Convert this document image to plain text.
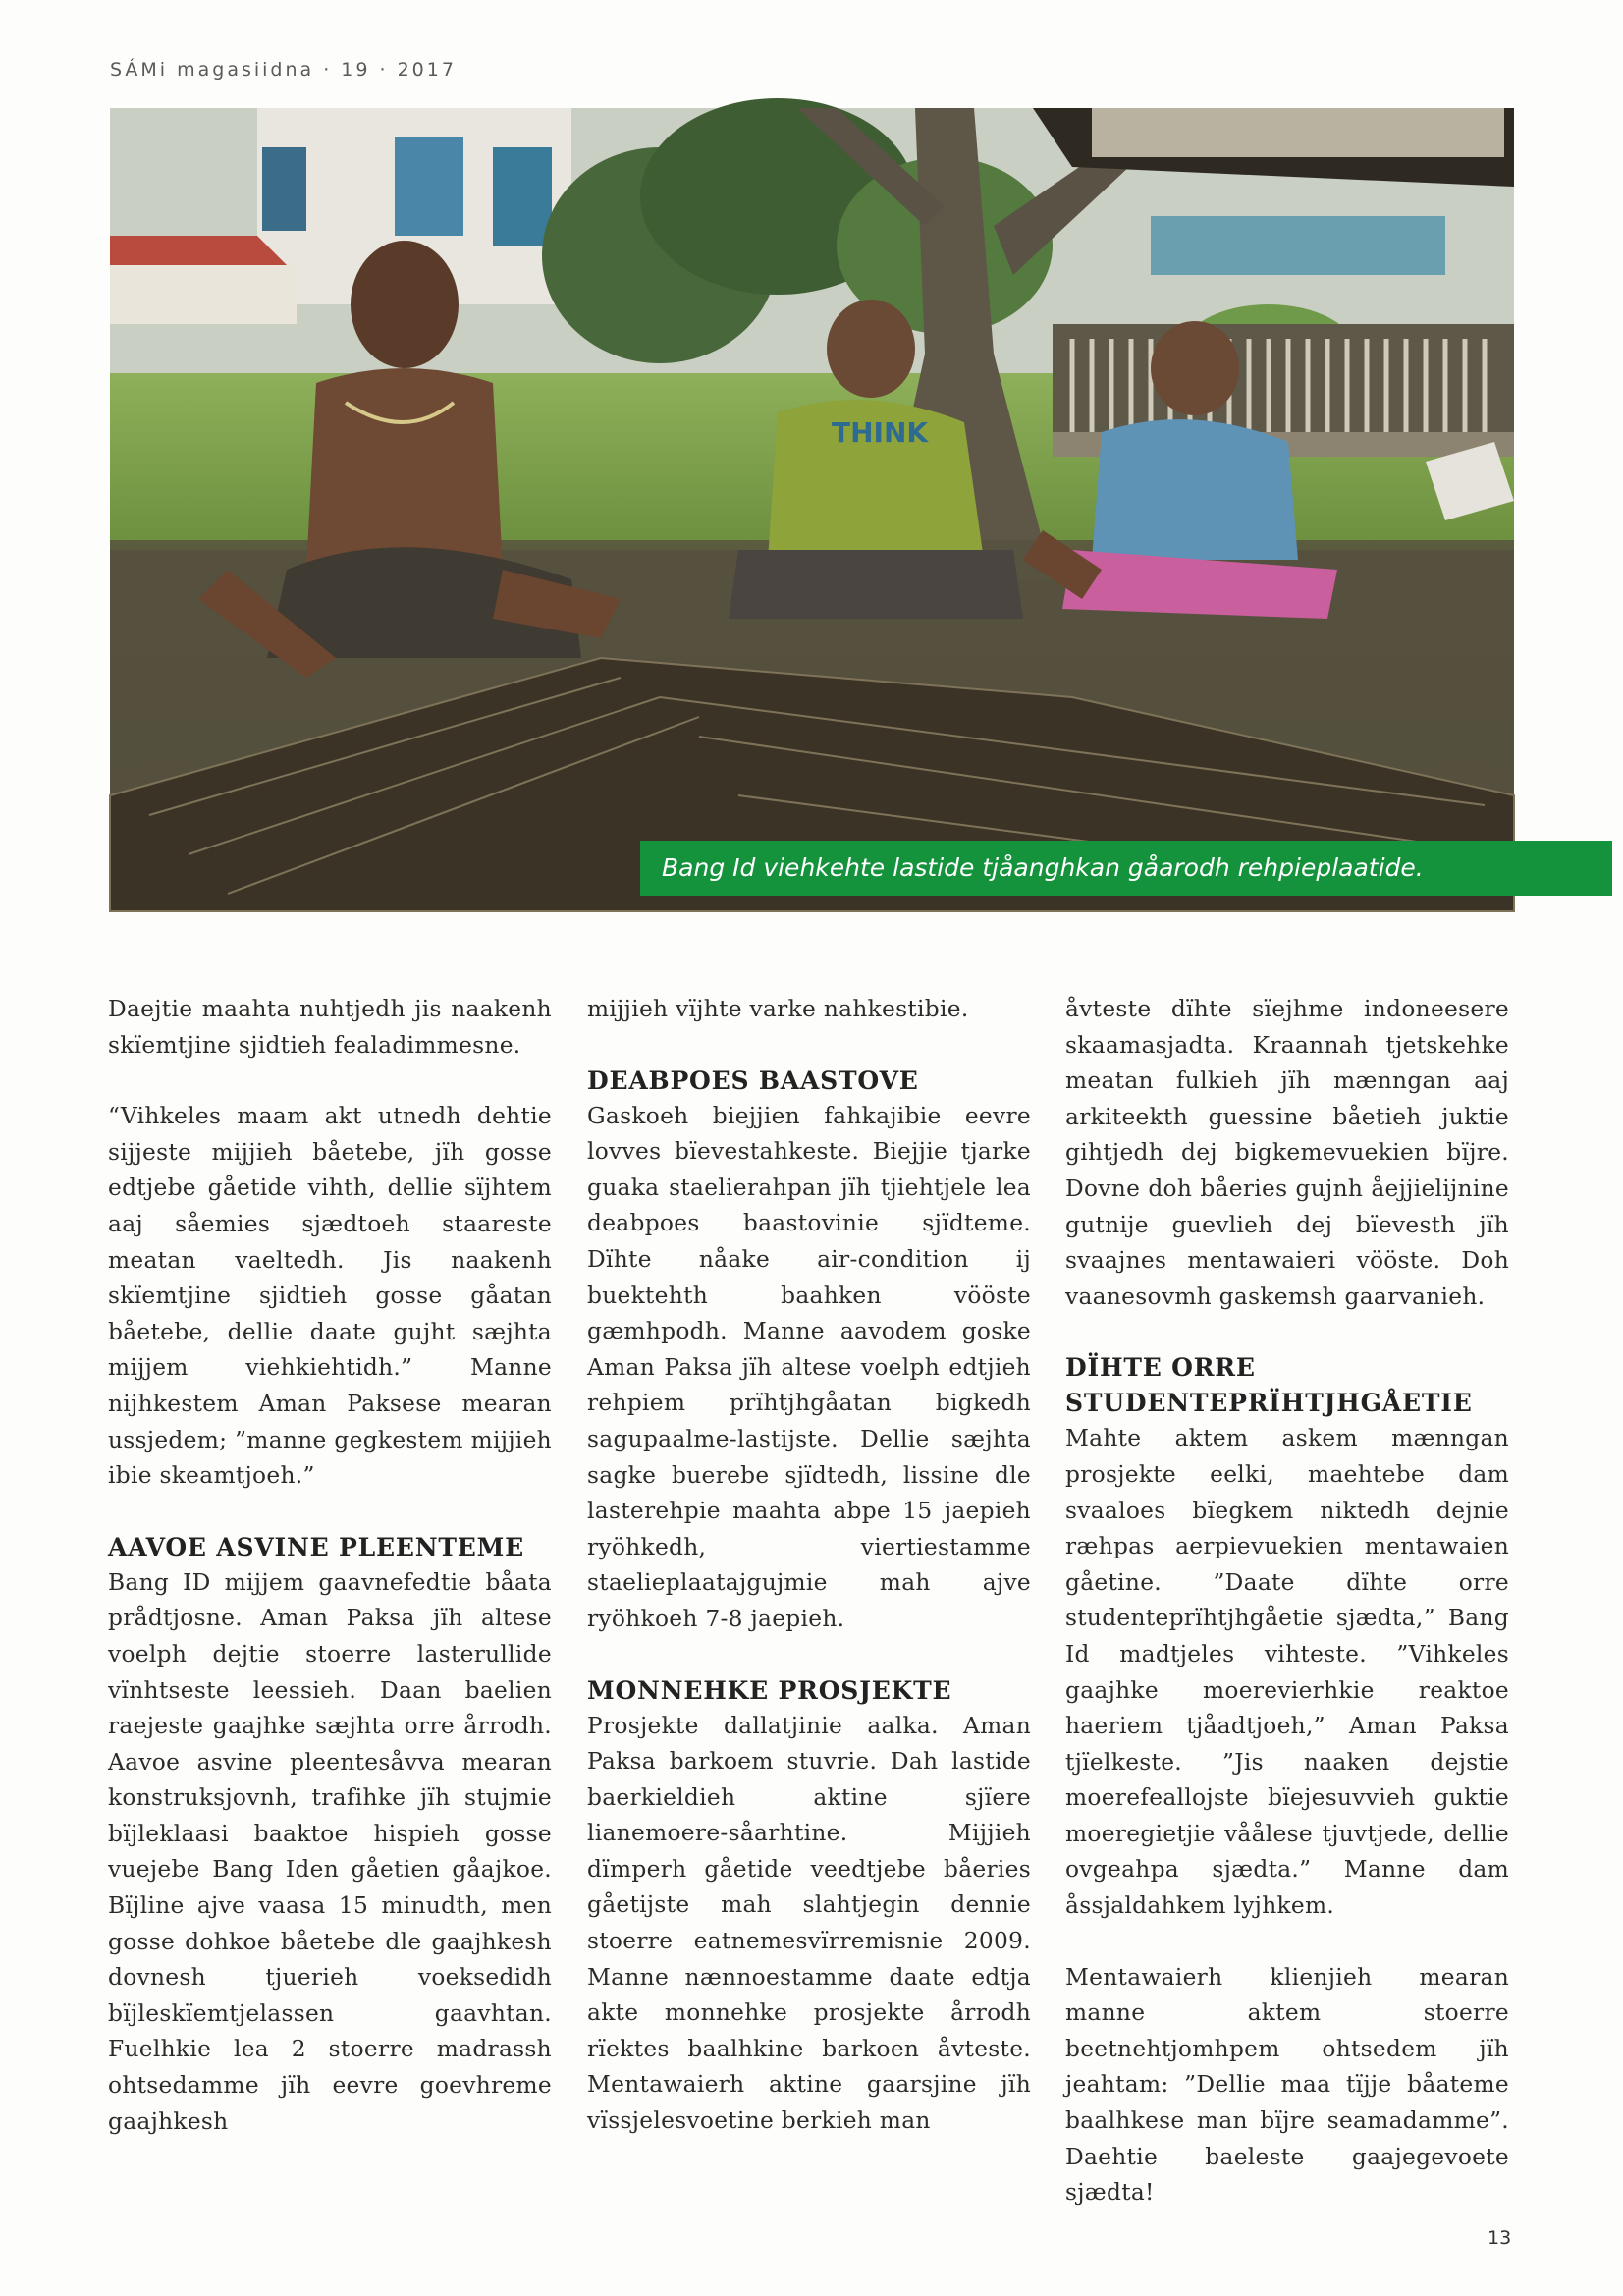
SÁMi magasiidna · 19 · 2017
THINK
Bang Id viehkehte lastide tjåanghkan gåarodh rehpieplaatide.

Daejtie maahta nuhtjedh jis naakenh skïemtjine sjidtieh fealadimmesne.

“Vihkeles maam akt utnedh dehtie sijjeste mijjieh båetebe, jïh gosse edtjebe gåetide vihth, dellie sïjhtem aaj såemies sjædtoeh staareste meatan vaeltedh. Jis naakenh skïemtjine sjidtieh gosse gåatan båetebe, dellie daate gujht sæjhta mijjem viehkiehtidh.” Manne nijhkestem Aman Paksese mearan ussjedem; ”manne gegkestem mijjieh ibie skeamtjoeh.”

AAVOE ASVINE PLEENTEME

Bang ID mijjem gaavnefedtie båata prådtjosne. Aman Paksa jïh altese voelph dejtie stoerre lasterullide vïnhtseste leessieh. Daan baelien raejeste gaajhke sæjhta orre årrodh. Aavoe asvine pleentesåvva mearan konstruksjovnh, trafihke jïh stujmie bïjleklaasi baaktoe hispieh gosse vuejebe Bang Iden gåetien gåajkoe. Bïjline ajve vaasa 15 minudth, men gosse dohkoe båetebe dle gaajhkesh dovnesh tjuerieh voeksedidh bïjleskïemtjelassen gaavhtan. Fuelhkie lea 2 stoerre madrassh ohtsedamme jïh eevre goevhreme gaajhkesh

mijjieh vïjhte varke nahkestibie.

DEABPOES BAASTOVE

Gaskoeh biejjien fahkajibie eevre lovves bïevestahkeste. Biejjie tjarke guaka staelierahpan jïh tjiehtjele lea deabpoes baastovinie sjïdteme. Dïhte nåake air-condition ij buektehth baahken vööste gæmhpodh. Manne aavodem goske Aman Paksa jïh altese voelph edtjieh rehpiem prïhtjhgåatan bigkedh sagupaalme-lastijste. Dellie sæjhta sagke buerebe sjïdtedh, lissine dle lasterehpie maahta abpe 15 jaepieh ryöhkedh, viertiestamme staelieplaatajgujmie mah ajve ryöhkoeh 7-8 jaepieh.

MONNEHKE PROSJEKTE

Prosjekte dallatjinie aalka. Aman Paksa barkoem stuvrie. Dah lastide baerkieldieh aktine sjïere lianemoere-såarhtine. Mijjieh dïmperh gåetide veedtjebe båeries gåetijste mah slahtjegin dennie stoerre eatnemesvïrremisnie 2009. Manne nænnoestamme daate edtja akte monnehke prosjekte årrodh rïektes baalhkine barkoen åvteste. Mentawaierh aktine gaarsjine jïh vïssjelesvoetine berkieh man

åvteste dïhte sïejhme indoneesere skaamasjadta. Kraannah tjetskehke meatan fulkieh jïh mænngan aaj arkiteekth guessine båetieh juktie gihtjedh dej bigkemevuekien bïjre. Dovne doh båeries gujnh åejjielijnine gutnije guevlieh dej bïevesth jïh svaajnes mentawaieri vööste. Doh vaanesovmh gaskemsh gaarvanieh.

DÏHTE ORRE STUDENTEPRÏHTJHGÅETIE

Mahte aktem askem mænngan prosjekte eelki, maehtebe dam svaaloes bïegkem niktedh dejnie ræhpas aerpievuekien mentawaien gåetine. ”Daate dïhte orre studenteprïhtjhgåetie sjædta,” Bang Id madtjeles vihteste. ”Vihkeles gaajhke moerevierhkie reaktoe haeriem tjåadtjoeh,” Aman Paksa tjïelkeste. ”Jis naaken dejstie moerefeallojste bïejesuvvieh guktie moeregietjie våålese tjuvtjede, dellie ovgeahpa sjædta.” Manne dam åssjaldahkem lyjhkem.

Mentawaierh klienjieh mearan manne aktem stoerre beetnehtjomhpem ohtsedem jïh jeahtam: ”Dellie maa tïjje båateme baalhkese man bïjre seamadamme”. Daehtie baeleste gaajegevoete sjædta!

13
